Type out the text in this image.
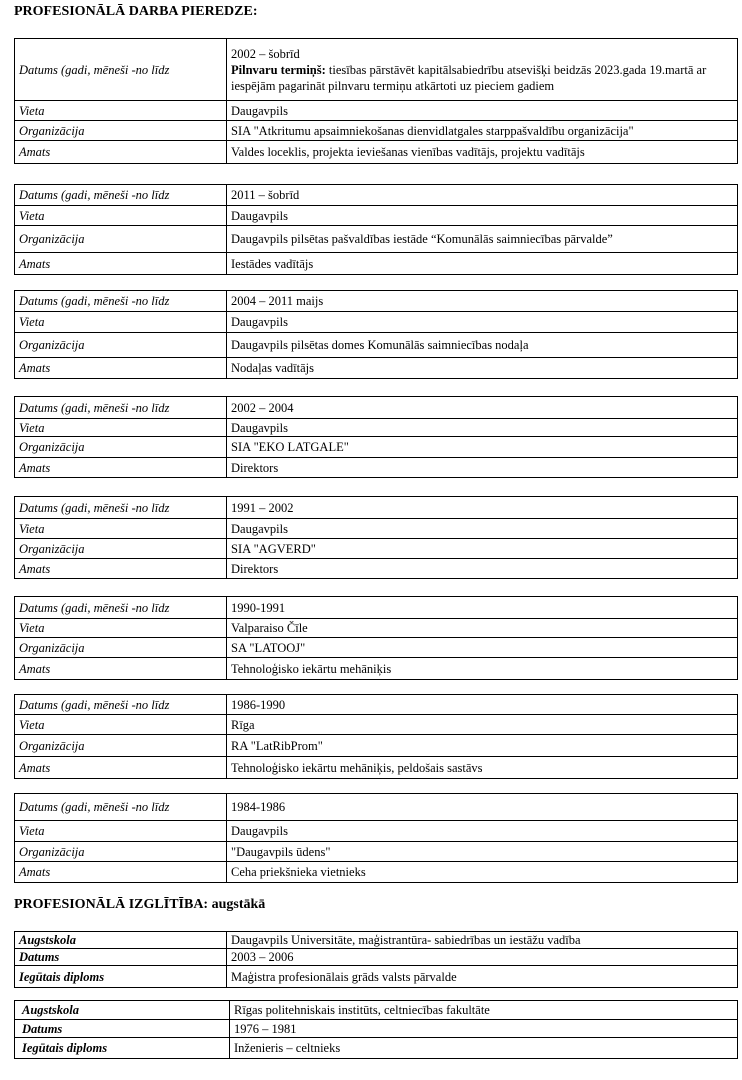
PROFESIONĀLĀ DARBA PIEREDZE:
Datums (gadi, mēneši -no līdz	2002 – šobrīd
Pilnvaru termiņš: tiesības pārstāvēt kapitālsabiedrību atsevišķi beidzās 2023.gada 19.martā ar iespējām pagarināt pilnvaru termiņu atkārtoti uz pieciem gadiem

Vieta	Daugavpils
Organizācija	SIA "Atkritumu apsaimniekošanas dienvidlatgales starppašvaldību organizācija"
Amats	Valdes loceklis, projekta ieviešanas vienības vadītājs, projektu vadītājs
Datums (gadi, mēneši -no līdz	2011 – šobrīd
Vieta	Daugavpils
Organizācija	Daugavpils pilsētas pašvaldības iestāde “Komunālās saimniecības pārvalde”
Amats	Iestādes vadītājs
Datums (gadi, mēneši -no līdz	2004 – 2011 maijs
Vieta	Daugavpils
Organizācija	Daugavpils pilsētas domes Komunālās saimniecības nodaļa
Amats	Nodaļas vadītājs
Datums (gadi, mēneši -no līdz	2002 – 2004
Vieta	Daugavpils
Organizācija	SIA "EKO LATGALE"
Amats	Direktors
Datums (gadi, mēneši -no līdz	1991 – 2002
Vieta	Daugavpils
Organizācija	SIA "AGVERD"
Amats	Direktors
Datums (gadi, mēneši -no līdz	1990-1991
Vieta	Valparaiso Čīle
Organizācija	SA "LATOOJ"
Amats	Tehnoloģisko iekārtu mehāniķis
Datums (gadi, mēneši -no līdz	1986-1990
Vieta	Rīga
Organizācija	RA "LatRibProm"
Amats	Tehnoloģisko iekārtu mehāniķis, peldošais sastāvs
Datums (gadi, mēneši -no līdz	1984-1986
Vieta	Daugavpils
Organizācija	"Daugavpils ūdens"
Amats	Ceha priekšnieka vietnieks
PROFESIONĀLĀ IZGLĪTĪBA: augstākā
Augstskola	Daugavpils Universitāte, maģistrantūra- sabiedrības un iestāžu vadība
Datums	2003 – 2006
Iegūtais diploms	Maģistra profesionālais grāds valsts pārvalde
Augstskola	Rīgas politehniskais institūts, celtniecības fakultāte
Datums	1976 – 1981
Iegūtais diploms	Inženieris – celtnieks
